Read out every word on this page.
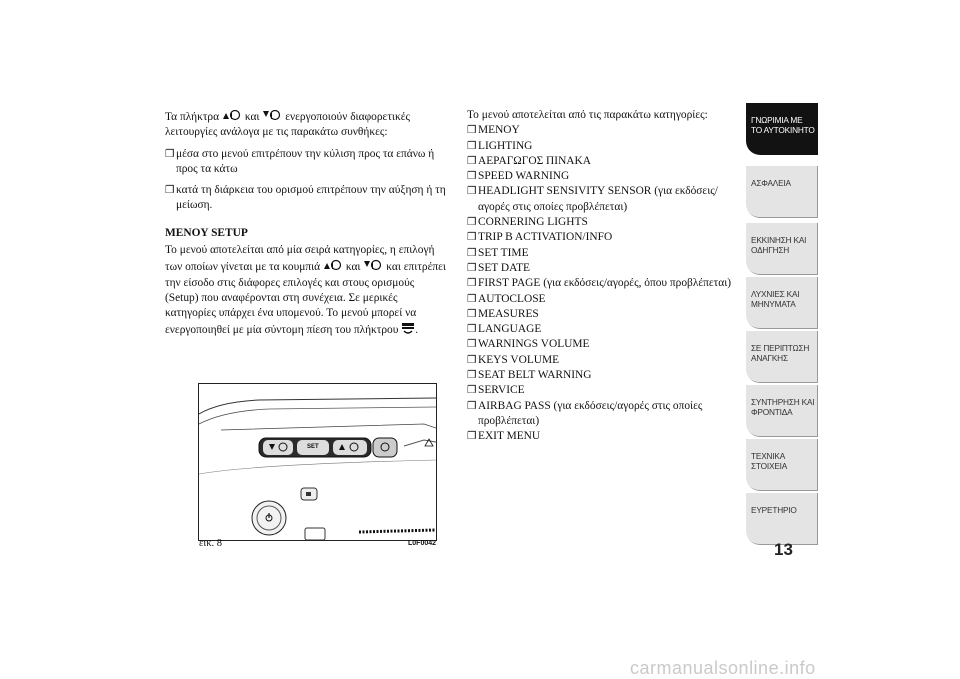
Τα πλήκτρα και ενεργοποιούν διαφορετικές λειτουργίες ανάλογα με τις παρακάτω συνθήκες:

❒ μέσα στο μενού επιτρέπουν την κύλιση προς τα επάνω ή προς τα κάτω
❒ κατά τη διάρκεια του ορισμού επιτρέπουν την αύξηση ή τη μείωση.

MENOY SETUP

Το μενού αποτελείται από μία σειρά κατηγορίες, η επιλογή των οποίων γίνεται με τα κουμπιά και και επιτρέπει την είσοδο στις διάφορες επιλογές και στους ορισμούς (Setup) που αναφέρονται στη συνέχεια. Σε μερικές κατηγορίες υπάρχει ένα υπομενού. Το μενού μπορεί να ενεργοποιηθεί με μία σύντομη πίεση του πλήκτρου .

SET
εικ. 8	L0F0042

Το μενού αποτελείται από τις παρακάτω κατηγορίες:

❒ MENOY
❒ LIGHTING
❒ ΑΕΡΑΓΩΓΟΣ ΠΙΝΑΚΑ
❒ SPEED WARNING
❒ HEADLIGHT SENSIVITY SENSOR (για εκδόσεις/αγορές στις οποίες προβλέπεται)
❒ CORNERING LIGHTS
❒ TRIP B ACTIVATION/INFO
❒ SET TIME
❒ SET DATE
❒ FIRST PAGE (για εκδόσεις/αγορές, όπου προβλέπεται)
❒ AUTOCLOSE
❒ MEASURES
❒ LANGUAGE
❒ WARNINGS VOLUME
❒ KEYS VOLUME
❒ SEAT BELT WARNING
❒ SERVICE
❒ AIRBAG PASS (για εκδόσεις/αγορές στις οποίες προβλέπεται)
❒ EXIT MENU
ΓΝΩΡΙΜΙΑ ΜΕ ΤΟ ΑΥΤΟΚΙΝΗΤΟ
ΑΣΦΑΛΕΙΑ
ΕΚΚΙΝΗΣΗ ΚΑΙ ΟΔΗΓΗΣΗ
ΛΥΧΝΙΕΣ ΚΑΙ ΜΗΝΥΜΑΤΑ
ΣΕ ΠΕΡΙΠΤΩΣΗ ΑΝΑΓΚΗΣ
ΣΥΝΤΗΡΗΣΗ ΚΑΙ ΦΡΟΝΤΙΔΑ
ΤΕΧΝΙΚΑ ΣΤΟΙΧΕΙΑ
ΕΥΡΕΤΗΡΙΟ
13
carmanualsonline.info
